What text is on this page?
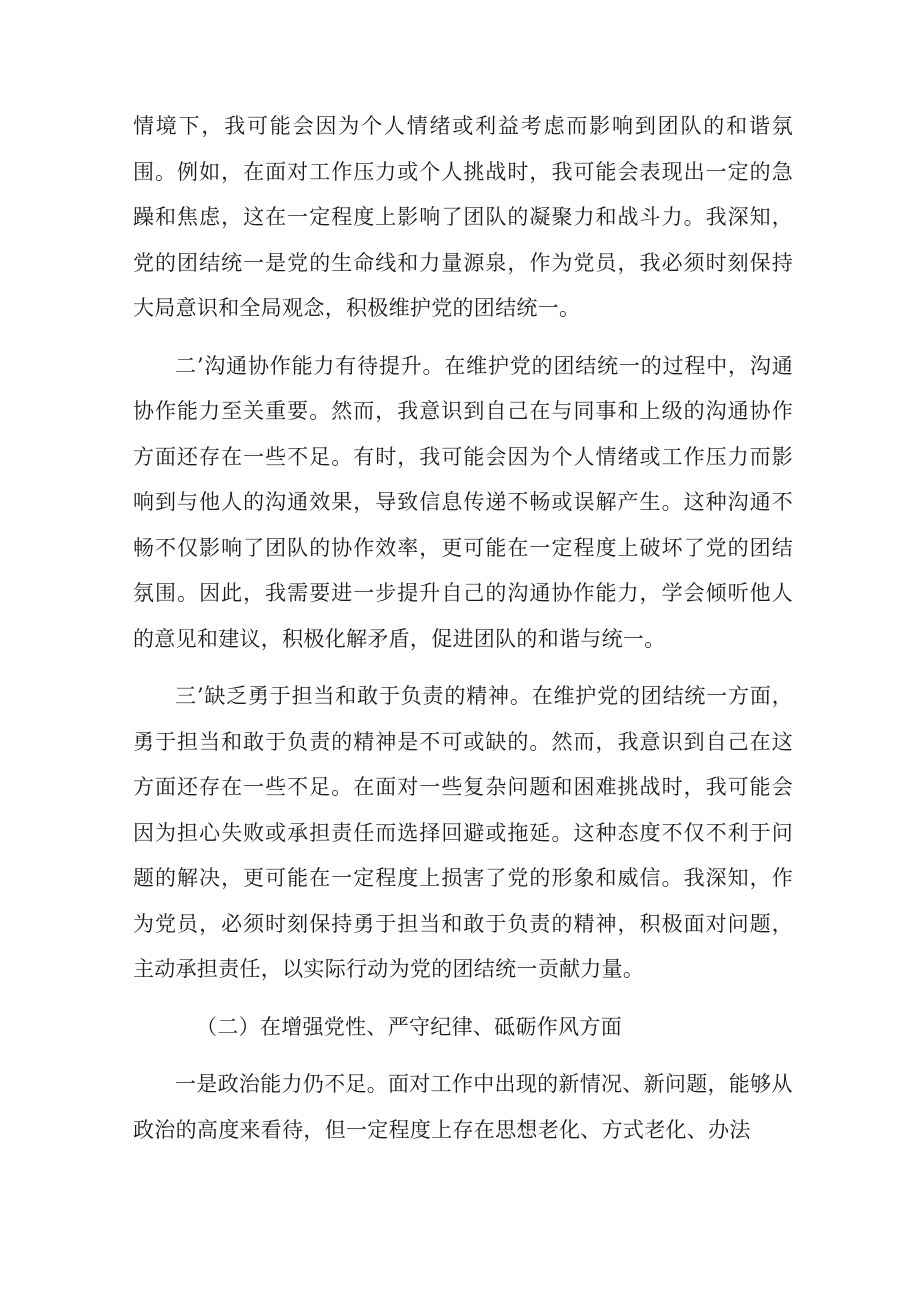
情境下，我可能会因为个人情绪或利益考虑而影响到团队的和谐氛围。例如，在面对工作压力或个人挑战时，我可能会表现出一定的急躁和焦虑，这在一定程度上影响了团队的凝聚力和战斗力。我深知，党的团结统一是党的生命线和力量源泉，作为党员，我必须时刻保持大局意识和全局观念，积极维护党的团结统一。

二’沟通协作能力有待提升。在维护党的团结统一的过程中，沟通协作能力至关重要。然而，我意识到自己在与同事和上级的沟通协作方面还存在一些不足。有时，我可能会因为个人情绪或工作压力而影响到与他人的沟通效果，导致信息传递不畅或误解产生。这种沟通不畅不仅影响了团队的协作效率，更可能在一定程度上破坏了党的团结氛围。因此，我需要进一步提升自己的沟通协作能力，学会倾听他人的意见和建议，积极化解矛盾，促进团队的和谐与统一。

三’缺乏勇于担当和敢于负责的精神。在维护党的团结统一方面，勇于担当和敢于负责的精神是不可或缺的。然而，我意识到自己在这方面还存在一些不足。在面对一些复杂问题和困难挑战时，我可能会因为担心失败或承担责任而选择回避或拖延。这种态度不仅不利于问题的解决，更可能在一定程度上损害了党的形象和威信。我深知，作为党员，必须时刻保持勇于担当和敢于负责的精神，积极面对问题，主动承担责任，以实际行动为党的团结统一贡献力量。

（二）在增强党性、严守纪律、砥砺作风方面

一是政治能力仍不足。面对工作中出现的新情况、新问题，能够从政治的高度来看待，但一定程度上存在思想老化、方式老化、办法
